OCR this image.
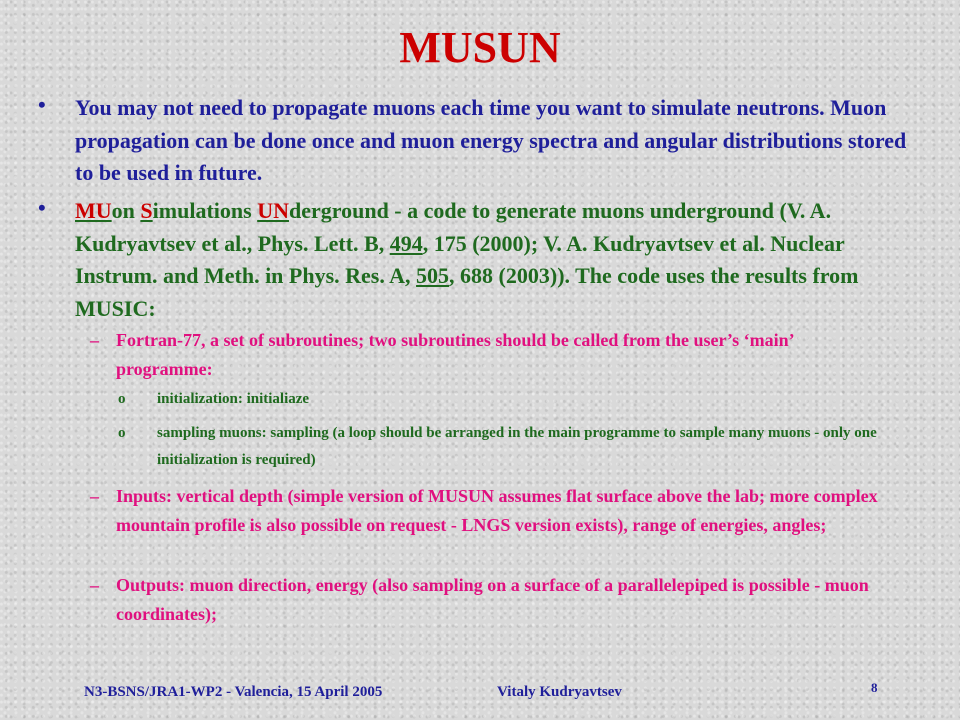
MUSUN
• You may not need to propagate muons each time you want to simulate neutrons. Muon propagation can be done once and muon energy spectra and angular distributions stored to be used in future.
• MUon Simulations UNderground - a code to generate muons underground (V. A. Kudryavtsev et al., Phys. Lett. B, 494, 175 (2000); V. A. Kudryavtsev et al. Nuclear Instrum. and Meth. in Phys. Res. A, 505, 688 (2003)). The code uses the results from MUSIC:
– Fortran-77, a set of subroutines; two subroutines should be called from the user’s ‘main’ programme:
o initialization: initialiaze
o sampling muons: sampling (a loop should be arranged in the main programme to sample many muons - only one initialization is required)
– Inputs: vertical depth (simple version of MUSUN assumes flat surface above the lab; more complex mountain profile is also possible on request - LNGS version exists), range of energies, angles;
– Outputs: muon direction, energy (also sampling on a surface of a parallelepiped is possible - muon coordinates);
N3-BSNS/JRA1-WP2 - Valencia, 15 April 2005	Vitaly Kudryavtsev	8
